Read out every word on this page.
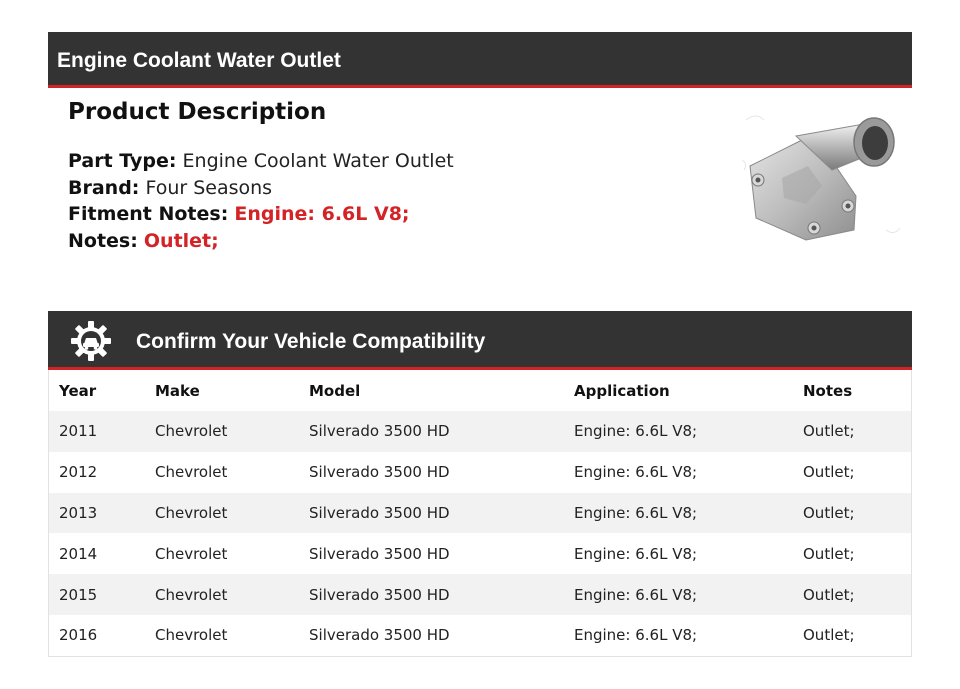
Engine Coolant Water Outlet
Product Description
Part Type: Engine Coolant Water Outlet
Brand: Four Seasons
Fitment Notes: Engine: 6.6L V8;
Notes: Outlet;
Confirm Your Vehicle Compatibility
Year	Make	Model	Application	Notes
2011	Chevrolet	Silverado 3500 HD	Engine: 6.6L V8;	Outlet;
2012	Chevrolet	Silverado 3500 HD	Engine: 6.6L V8;	Outlet;
2013	Chevrolet	Silverado 3500 HD	Engine: 6.6L V8;	Outlet;
2014	Chevrolet	Silverado 3500 HD	Engine: 6.6L V8;	Outlet;
2015	Chevrolet	Silverado 3500 HD	Engine: 6.6L V8;	Outlet;
2016	Chevrolet	Silverado 3500 HD	Engine: 6.6L V8;	Outlet;
